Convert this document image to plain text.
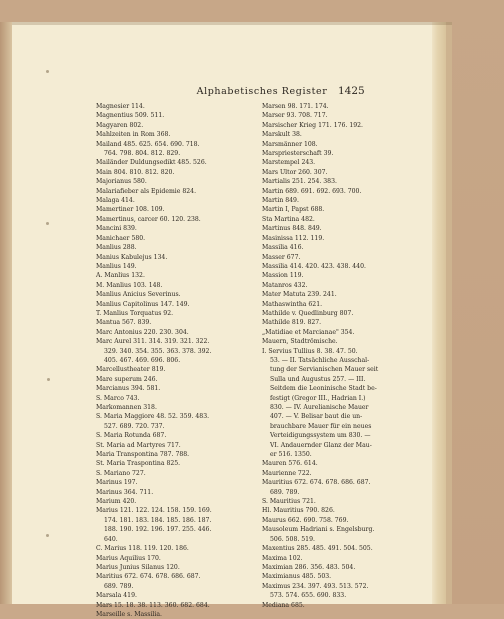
Alphabetisches Register	1425
Magnesier 114.
Magnentius 509. 511.
Magyaren 802.
Mahlzeiten in Rom 368.
Mailand 485. 625. 654. 690. 718.
764. 798. 804. 812. 829.
Mailänder Duldungsedikt 485. 526.
Main 804. 810. 812. 820.
Majorianus 580.
Malariafieber als Epidemie 824.
Malaga 414.
Mamertiner 108. 109.
Mamertinus, carcer 60. 120. 238.
Mancini 839.
Manichaer 580.
Manlius 288.
Manius Kabulejus 134.
Manlius 149.
A. Manlius 132.
M. Manlius 103. 148.
Manlius Anicius Severinus.
Manlius Capitolinus 147. 149.
T. Manlius Torquatus 92.
Mantua 567. 839.
Marc Antonius 220. 230. 304.
Marc Aurel 311. 314. 319. 321. 322.
329. 340. 354. 355. 363. 378. 392.
405. 467. 469. 696. 806.
Marcellustheater 819.
Mare superum 246.
Marcianus 394. 581.
S. Marco 743.
Markomannen 318.
S. Maria Maggiore 48. 52. 359. 483.
527. 689. 720. 737.
S. Maria Rotunda 687.
St. Maria ad Martyres 717.
Maria Transpontina 787. 788.
St. Maria Traspontina 825.
S. Mariano 727.
Marinus 197.
Marinus 364. 711.
Marium 420.
Marius 121. 122. 124. 158. 159. 169.
174. 181. 183. 184. 185. 186. 187.
188. 190. 192. 196. 197. 255. 446.
640.
C. Marius 118. 119. 120. 186.
Marius Aquilius 170.
Marius Junius Silanus 120.
Maritius 672. 674. 678. 686. 687.
689. 789.
Marsala 419.
Mars 15. 18. 38. 113. 360. 682. 684.
Marseille s. Massilia.
Marsen 98. 171. 174.
Marser 93. 708. 717.
Marsischer Krieg 171. 176. 192.
Marskult 38.
Marsmänner 108.
Marspriesterschaft 39.
Marstempel 243.
Mars Ultor 260. 307.
Martialis 251. 254. 383.
Martin 689. 691. 692. 693. 700.
Martin 849.
Martin I, Papst 688.
Sta Martina 482.
Martinus 848. 849.
Masinissa 112. 119.
Massilia 416.
Masser 677.
Massilia 414. 420. 423. 438. 440.
Massion 119.
Matanros 432.
Mater Matuta 239. 241.
Mathaswintha 621.
Mathilde v. Quedlinburg 807.
Mathilde 819. 827.
„Matidiae et Marcianae" 354.
Mauern, Stadtrömische.
I. Servius Tullius 8. 38. 47. 50.
53. — II. Tatsächliche Ausschal-
tung der Servianischen Mauer seit
Sulla und Augustus 257. — III.
Seitdem die Leoninische Stadt be-
festigt (Gregor III., Hadrian I.)
830. — IV. Aurelianische Mauer
407. — V. Belisar baut die un-
brauchbare Mauer für ein neues
Verteidigungssystem um 830. —
VI. Andauernder Glanz der Mau-
er 516. 1350.
Mauren 576. 614.
Maurienne 722.
Mauritius 672. 674. 678. 686. 687.
689. 789.
S. Mauritius 721.
Hl. Mauritius 790. 826.
Maurus 662. 690. 758. 769.
Mausoleum Hadriani s. Engelsburg.
506. 508. 519.
Maxentius 285. 485. 491. 504. 505.
Maxima 102.
Maximian 286. 356. 483. 504.
Maximianus 485. 503.
Maximus 234. 397. 493. 513. 572.
573. 574. 655. 690. 833.
Mediana 685.
